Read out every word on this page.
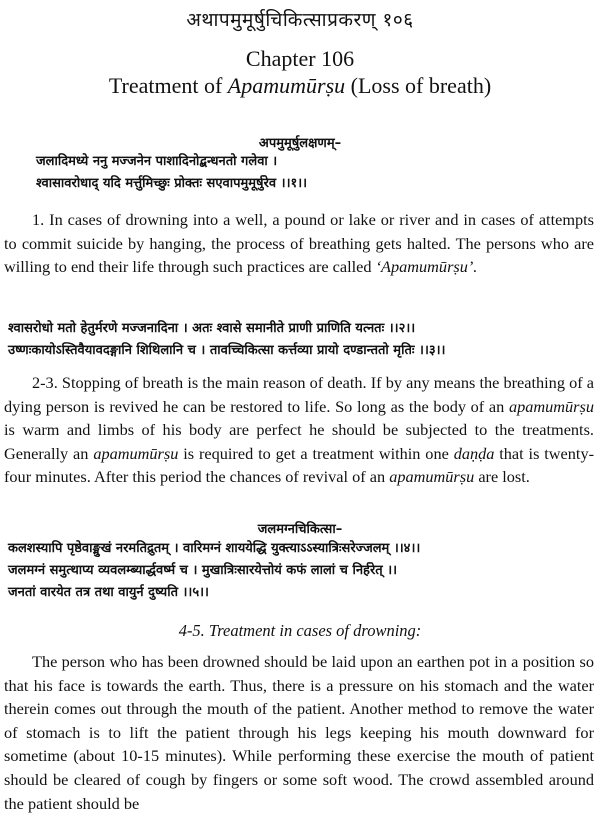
अथापमुमूर्षुचिकित्साप्रकरण् १०६
Chapter 106
Treatment of Apamumūrṣu (Loss of breath)
अपमुमूर्षुलक्षणम्–
जलादिमध्ये ननु मज्जनेन पाशादिनोद्बन्धनतो गलेवा ।
श्वासावरोधाद् यदि मर्त्तुमिच्छुः प्रोक्तः सएवापमुमूर्षुरेव ।।१।।
1. In cases of drowning into a well, a pound or lake or river and in cases of attempts to commit suicide by hanging, the process of breathing gets halted. The persons who are willing to end their life through such practices are called ‘Apamumūrṣu’.
श्वासरोधो मतो हेतुर्मरणे मज्जनादिना । अतः श्वासे समानीते प्राणी प्राणिति यत्नतः ।।२।।
उष्णःकायोऽस्तिवैयावदङ्गानि शिथिलानि च । तावच्चिकित्सा कर्त्तव्या प्रायो दण्डान्ततो मृतिः ।।३।।
2-3. Stopping of breath is the main reason of death. If by any means the breathing of a dying person is revived he can be restored to life. So long as the body of an apamumūrṣu is warm and limbs of his body are perfect he should be subjected to the treatments. Generally an apamumūrṣu is required to get a treatment within one daṇḍa that is twenty-four minutes. After this period the chances of revival of an apamumūrṣu are lost.
जलमग्नचिकित्सा–
कलशस्यापि पृष्ठेवाङ्मुखं नरमतिद्रुतम् । वारिमग्नं शाययेद्धि युक्त्याऽऽस्यात्रिःसरेज्जलम् ।।४।।
जलमग्नं समुत्थाप्य व्यवलम्ब्यार्द्धवर्ष्म च । मुखात्रिःसारयेत्तोयं कफं लालां च निर्हरेत् ।।
जनतां वारयेत तत्र तथा वायुर्न दुष्यति ।।५।।
4-5. Treatment in cases of drowning:
The person who has been drowned should be laid upon an earthen pot in a position so that his face is towards the earth. Thus, there is a pressure on his stomach and the water therein comes out through the mouth of the patient. Another method to remove the water of stomach is to lift the patient through his legs keeping his mouth downward for sometime (about 10-15 minutes). While performing these exercise the mouth of patient should be cleared of cough by fingers or some soft wood. The crowd assembled around the patient should be
